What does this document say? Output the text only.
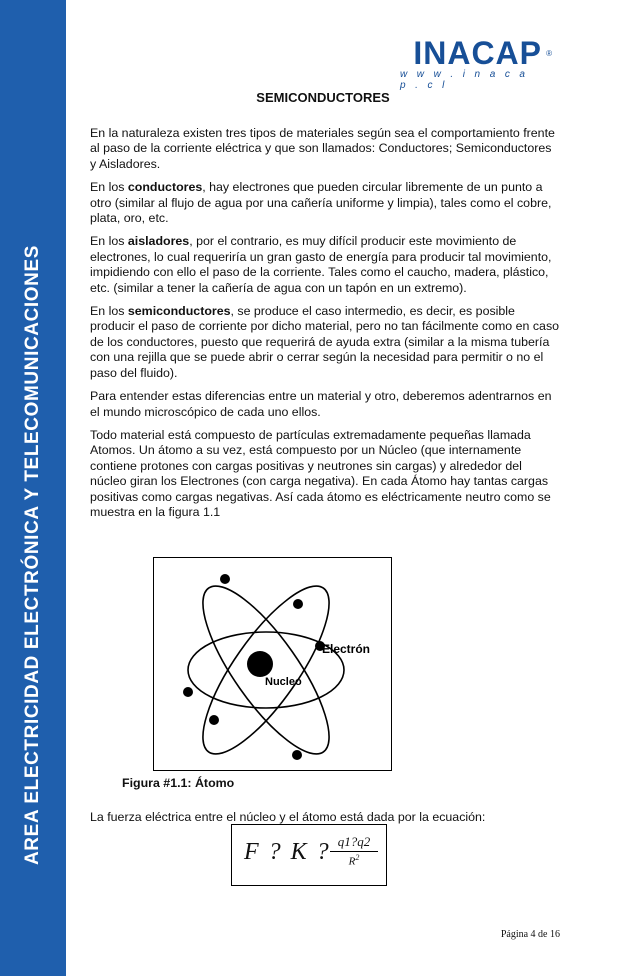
AREA ELECTRICIDAD ELECTRÓNICA Y TELECOMUNICACIONES
INACAP ®
w w w . i n a c a p . c l
SEMICONDUCTORES

En la naturaleza existen tres tipos de materiales según sea el comportamiento frente al paso de la corriente eléctrica y que son llamados: Conductores; Semiconductores y Aisladores.

En los conductores, hay electrones que pueden circular libremente de un punto a otro (similar al flujo de agua por una cañería uniforme y limpia), tales como el cobre, plata, oro, etc.

En los aisladores, por el contrario, es muy difícil producir este movimiento de electrones, lo cual requeriría un gran gasto de energía para producir tal movimiento, impidiendo con ello el paso de la corriente. Tales como el caucho, madera, plástico, etc. (similar a tener la cañería de agua con un tapón en un extremo).

En los semiconductores, se produce el caso intermedio, es decir, es posible producir el paso de corriente por dicho material, pero no tan fácilmente como en caso de los conductores, puesto que requerirá de ayuda extra (similar a la misma tubería con una rejilla que se puede abrir o cerrar según la necesidad para permitir o no el paso del fluido).

Para entender estas diferencias entre un material y otro, deberemos adentrarnos en el mundo microscópico de cada uno ellos.

Todo material está compuesto de partículas extremadamente pequeñas llamada Atomos. Un átomo a su vez, está compuesto por un Núcleo (que internamente contiene protones con cargas positivas y neutrones sin cargas) y alrededor del núcleo giran los Electrones (con carga negativa). En cada Átomo hay tantas cargas positivas como cargas negativas. Así cada átomo es eléctricamente neutro como se muestra en la figura 1.1

Electrón
Nucleo
Figura #1.1: Átomo
La fuerza eléctrica entre el núcleo y el átomo está dada por la ecuación:
F ? K ? q1?q2
$R^2$
Página 4 de 16
